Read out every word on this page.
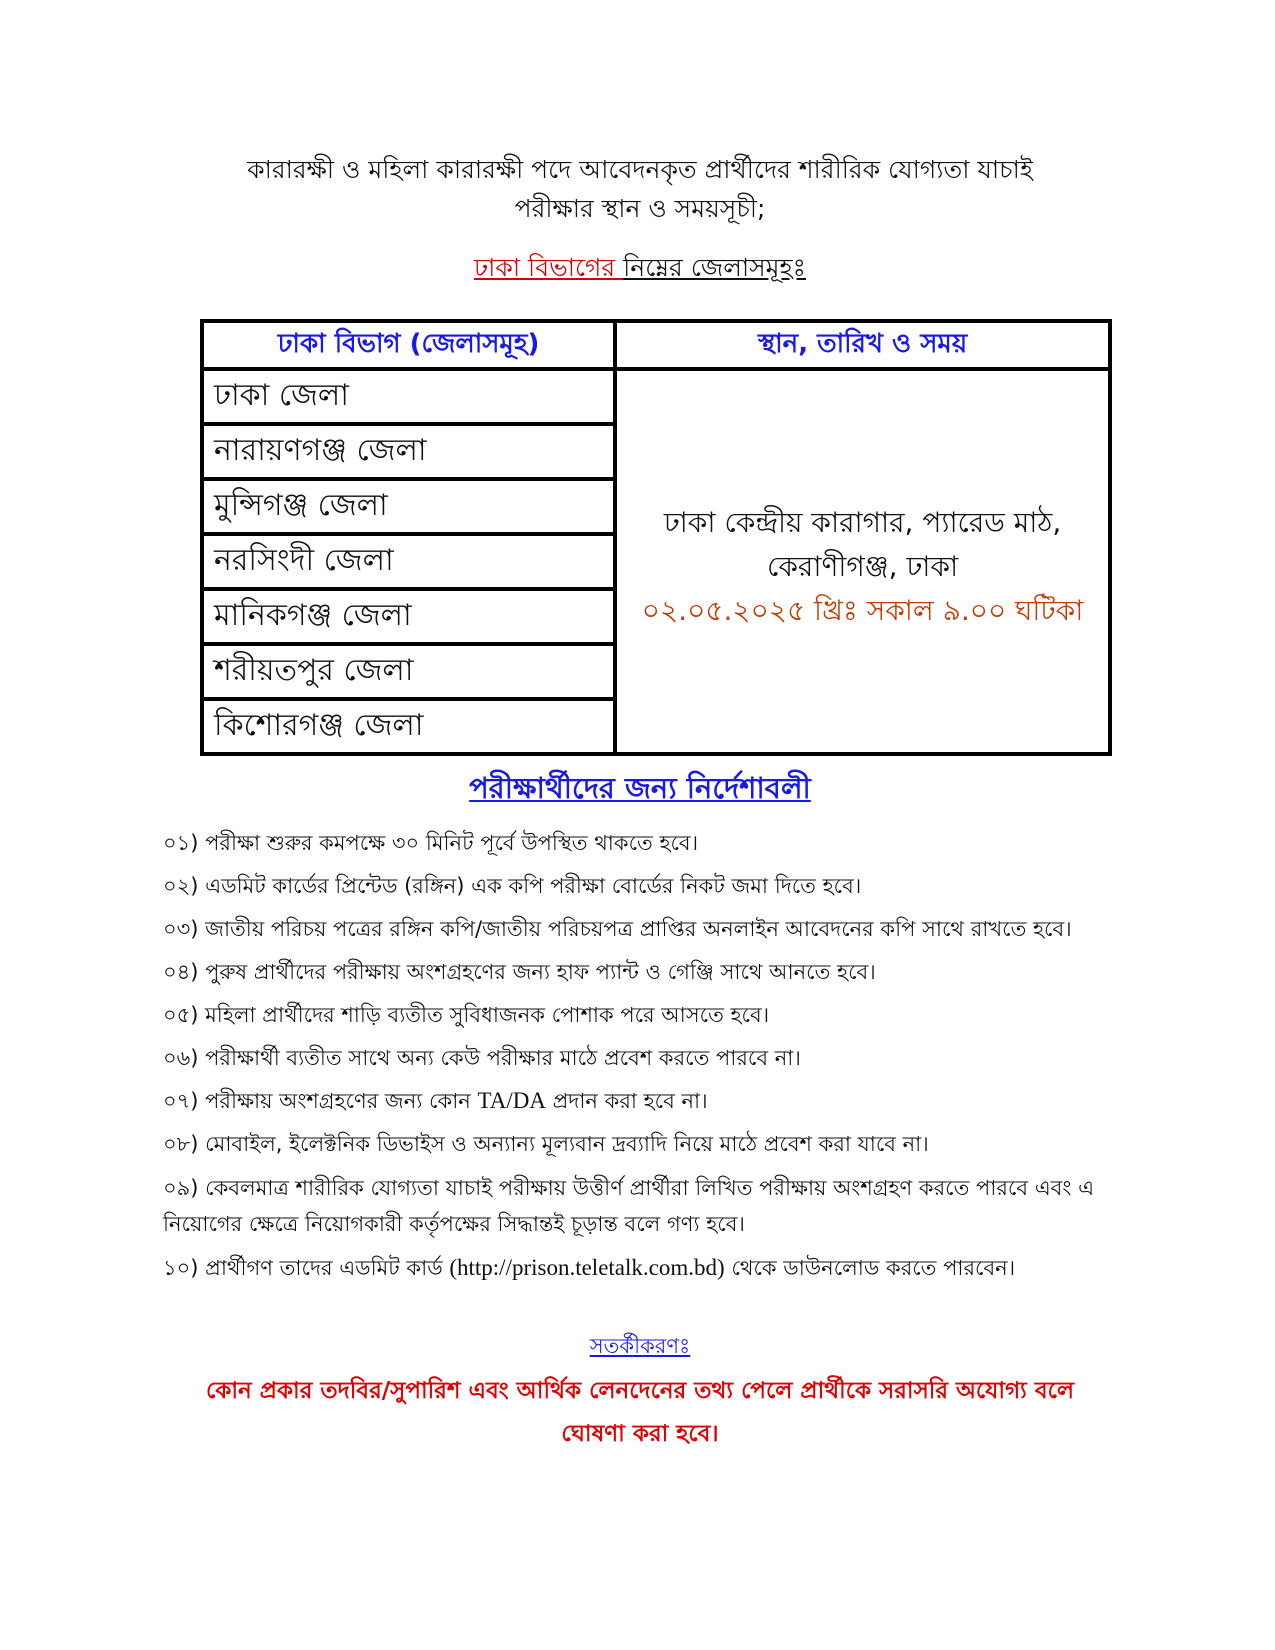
কারারক্ষী ও মহিলা কারারক্ষী পদে আবেদনকৃত প্রার্থীদের শারীরিক যোগ্যতা যাচাই
পরীক্ষার স্থান ও সময়সূচী;
ঢাকা বিভাগের নিম্নের জেলাসমূহঃ
ঢাকা বিভাগ (জেলাসমূহ)	স্থান, তারিখ ও সময়
ঢাকা জেলা	ঢাকা কেন্দ্রীয় কারাগার, প্যারেড মাঠ,
কেরাণীগঞ্জ, ঢাকা
০২.০৫.২০২৫ খ্রিঃ সকাল ৯.০০ ঘটিকা

নারায়ণগঞ্জ জেলা	
মুন্সিগঞ্জ জেলা	
নরসিংদী জেলা	
মানিকগঞ্জ জেলা	
শরীয়তপুর জেলা	
কিশোরগঞ্জ জেলা	
পরীক্ষার্থীদের জন্য নির্দেশাবলী
০১) পরীক্ষা শুরুর কমপক্ষে ৩০ মিনিট পূর্বে উপস্থিত থাকতে হবে।
০২) এডমিট কার্ডের প্রিন্টেড (রঙ্গিন) এক কপি পরীক্ষা বোর্ডের নিকট জমা দিতে হবে।
০৩) জাতীয় পরিচয় পত্রের রঙ্গিন কপি/জাতীয় পরিচয়পত্র প্রাপ্তির অনলাইন আবেদনের কপি সাথে রাখতে হবে।
০৪) পুরুষ প্রার্থীদের পরীক্ষায় অংশগ্রহণের জন্য হাফ প্যান্ট ও গেঞ্জি সাথে আনতে হবে।
০৫) মহিলা প্রার্থীদের শাড়ি ব্যতীত সুবিধাজনক পোশাক পরে আসতে হবে।
০৬) পরীক্ষার্থী ব্যতীত সাথে অন্য কেউ পরীক্ষার মাঠে প্রবেশ করতে পারবে না।
০৭) পরীক্ষায় অংশগ্রহণের জন্য কোন TA/DA প্রদান করা হবে না।
০৮) মোবাইল, ইলেক্টনিক ডিভাইস ও অন্যান্য মূল্যবান দ্রব্যাদি নিয়ে মাঠে প্রবেশ করা যাবে না।
০৯) কেবলমাত্র শারীরিক যোগ্যতা যাচাই পরীক্ষায় উত্তীর্ণ প্রার্থীরা লিখিত পরীক্ষায় অংশগ্রহণ করতে পারবে এবং এ নিয়োগের ক্ষেত্রে নিয়োগকারী কর্তৃপক্ষের সিদ্ধান্তই চূড়ান্ত বলে গণ্য হবে।
১০) প্রার্থীগণ তাদের এডমিট কার্ড (http://prison.teletalk.com.bd) থেকে ডাউনলোড করতে পারবেন।
সতর্কীকরণঃ
কোন প্রকার তদবির/সুপারিশ এবং আর্থিক লেনদেনের তথ্য পেলে প্রার্থীকে সরাসরি অযোগ্য বলে ঘোষণা করা হবে।
